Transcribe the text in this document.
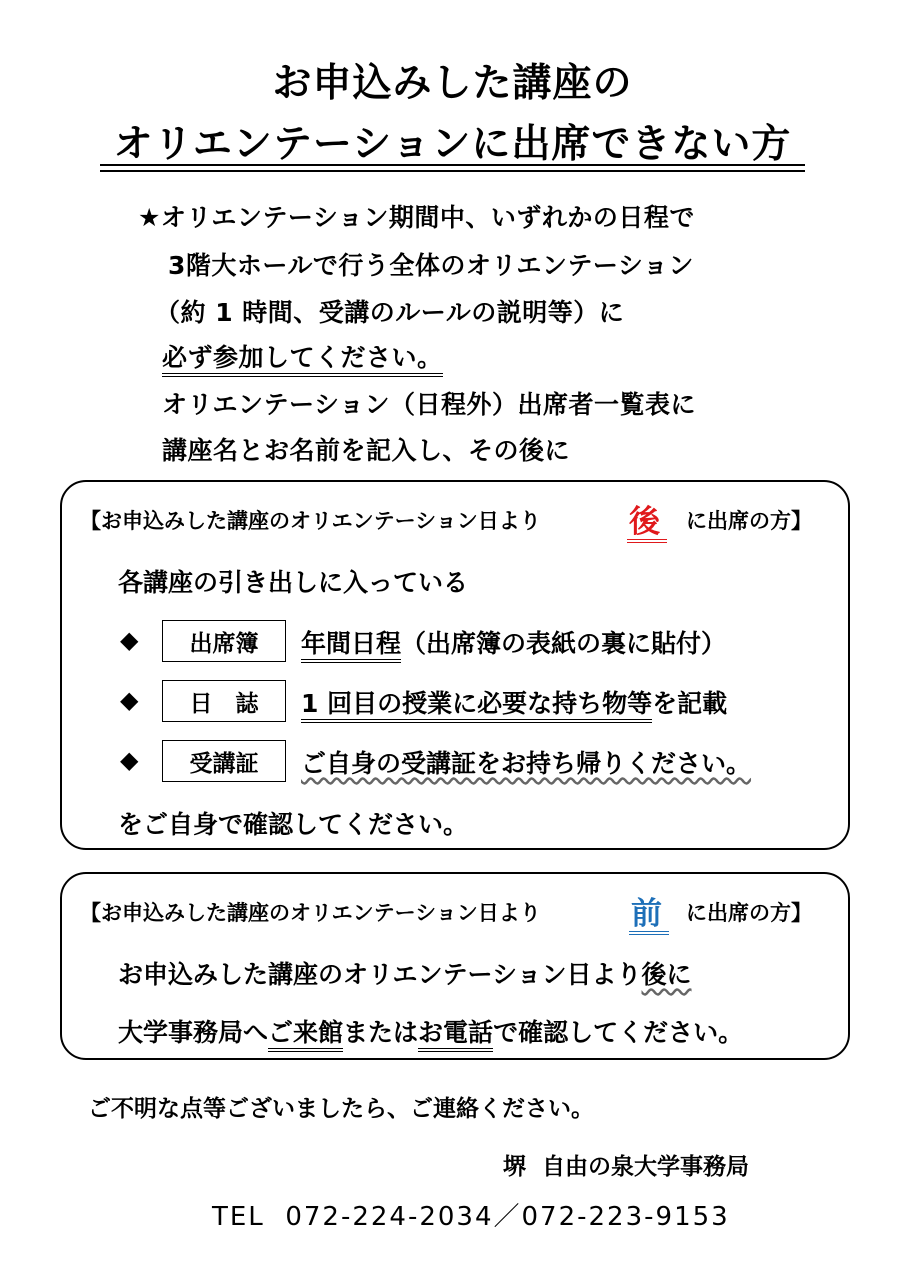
お申込みした講座の
オリエンテーションに出席できない方
★オリエンテーション期間中、いずれかの日程で
3階大ホールで行う全体のオリエンテーション
（約 1 時間、受講のルールの説明等）に
必ず参加してください。
オリエンテーション（日程外）出席者一覧表に
講座名とお名前を記入し、その後に
【お申込みした講座のオリエンテーション日より	後 に出席の方】
各講座の引き出しに入っている
◆	出席簿	年間日程（出席簿の表紙の裏に貼付）
◆	日　誌	1 回目の授業に必要な持ち物等を記載
◆	受講証	ご自身の受講証をお持ち帰りください。
をご自身で確認してください。
【お申込みした講座のオリエンテーション日より	前 に出席の方】
お申込みした講座のオリエンテーション日より後に
大学事務局へご来館またはお電話で確認してください。
ご不明な点等ございましたら、ご連絡ください。
堺  自由の泉大学事務局
TEL  072-224-2034／072-223-9153
